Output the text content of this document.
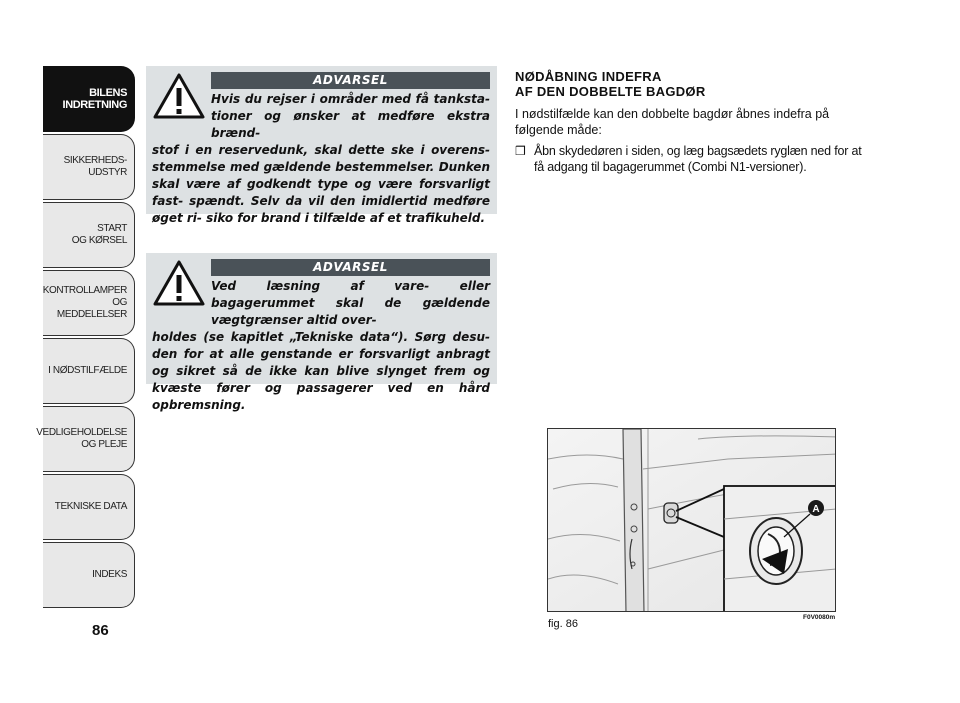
BILENS
INDRETNING
SIKKERHEDS-
UDSTYR
START
OG KØRSEL
KONTROLLAMPER
OG MEDDELELSER
I NØDSTILFÆLDE
VEDLIGEHOLDELSE
OG PLEJE
TEKNISKE DATA
INDEKS
86
ADVARSEL
Hvis du rejser i områder med få tanksta- tioner og ønsker at medføre ekstra brænd-
stof i en reservedunk, skal dette ske i overens- stemmelse med gældende bestemmelser. Dunken skal være af godkendt type og være forsvarligt fast- spændt. Selv da vil den imidlertid medføre øget ri- siko for brand i tilfælde af et trafikuheld.
ADVARSEL
Ved læsning af vare- eller bagagerummet skal de gældende vægtgrænser altid over-
holdes (se kapitlet „Tekniske data“). Sørg desu- den for at alle genstande er forsvarligt anbragt og sikret så de ikke kan blive slynget frem og kvæste fører og passagerer ved en hård opbremsning.

NØDÅBNING INDEFRA

AF DEN DOBBELTE BAGDØR

I nødstilfælde kan den dobbelte bagdør åbnes indefra på følgende måde:

❒ Åbn skydedøren i siden, og læg bagsædets ryglæn ned for at få adgang til bagagerummet (Combi N1-versioner).
A
fig. 86
F0V0080m
